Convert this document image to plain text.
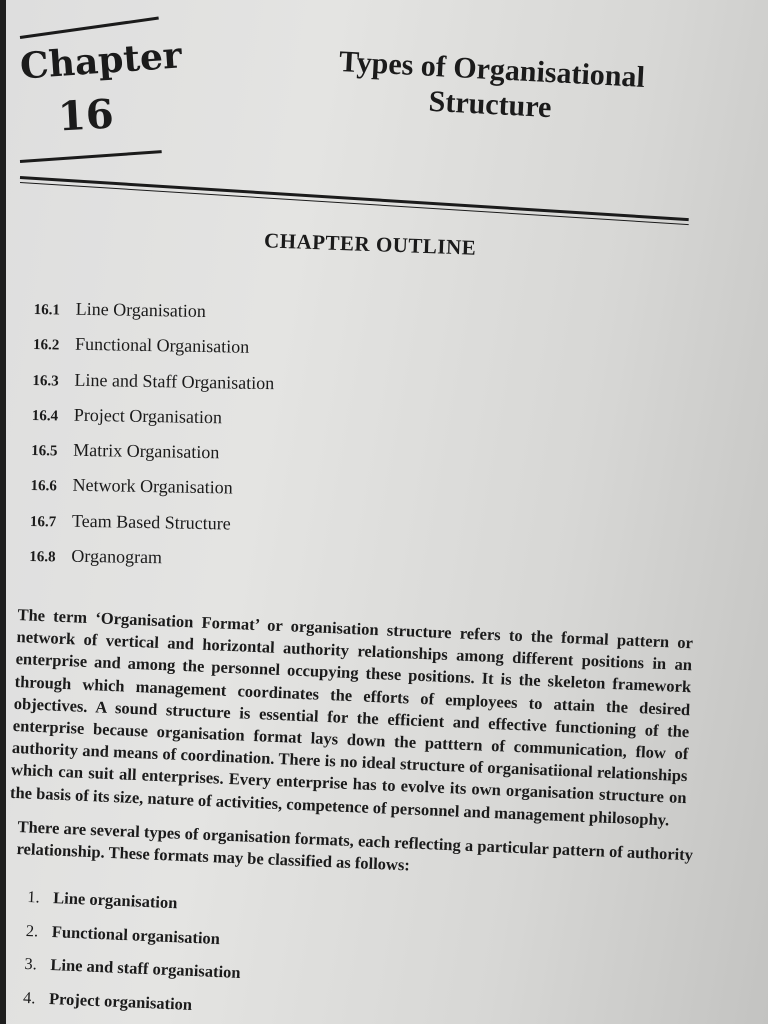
Chapter
16
Types of Organisational
Structure
CHAPTER OUTLINE
16.1 Line Organisation
16.2 Functional Organisation
16.3 Line and Staff Organisation
16.4 Project Organisation
16.5 Matrix Organisation
16.6 Network Organisation
16.7 Team Based Structure
16.8 Organogram

The term ‘Organisation Format’ or organisation structure refers to the formal pattern or network of vertical and horizontal authority relationships among different positions in an enterprise and among the personnel occupying these positions. It is the skeleton framework through which management coordinates the efforts of employees to attain the desired objectives. A sound structure is essential for the efficient and effective functioning of the enterprise because organisation format lays down the patttern of communication, flow of authority and means of coordination. There is no ideal structure of organisatiional relationships which can suit all enterprises. Every enterprise has to evolve its own organisation structure on the basis of its size, nature of activities, competence of personnel and management philosophy.

There are several types of organisation formats, each reflecting a particular pattern of authority relationship. These formats may be classified as follows:

1. Line organisation
2. Functional organisation
3. Line and staff organisation
4. Project organisation
